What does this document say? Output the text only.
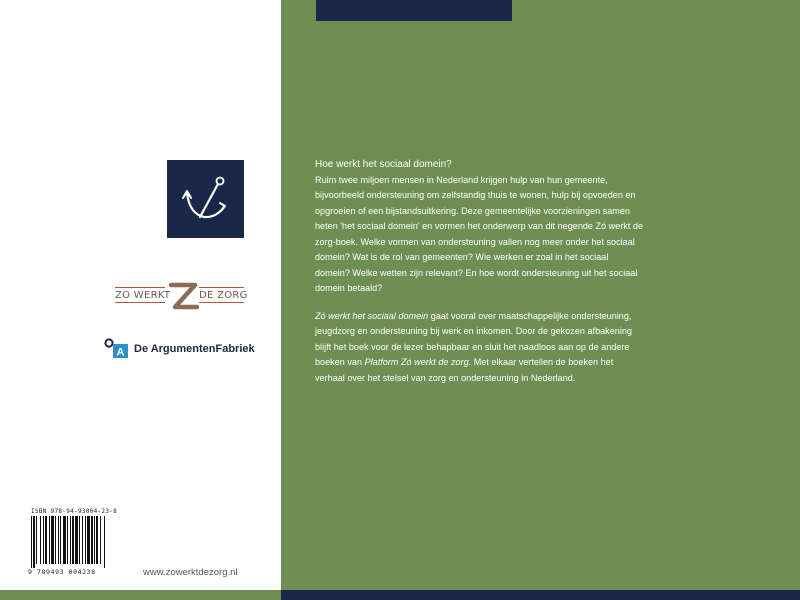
ZO WERKT	DE ZORG
A De ArgumentenFabriek
ISBN 978-94-93004-23-8
9 789493 004238	www.zowerktdezorg.nl

Hoe werkt het sociaal domein?

Ruim twee miljoen mensen in Nederland krijgen hulp van hun gemeente, bijvoorbeeld ondersteuning om zelfstandig thuis te wonen, hulp bij opvoeden en opgroeien of een bijstandsuitkering. Deze gemeentelijke voorzieningen samen heten 'het sociaal domein' en vormen het onderwerp van dit negende Zó werkt de zorg-boek. Welke vormen van ondersteuning vallen nog meer onder het sociaal domein? Wat is de rol van gemeenten? Wie werken er zoal in het sociaal domein? Welke wetten zijn relevant? En hoe wordt ondersteuning uit het sociaal domein betaald?

Zó werkt het sociaal domein gaat vooral over maatschappelijke ondersteuning, jeugdzorg en ondersteuning bij werk en inkomen. Door de gekozen afbakening blijft het boek voor de lezer behapbaar en sluit het naadloos aan op de andere boeken van Platform Zó werkt de zorg. Met elkaar vertellen de boeken het verhaal over het stelsel van zorg en ondersteuning in Nederland.
